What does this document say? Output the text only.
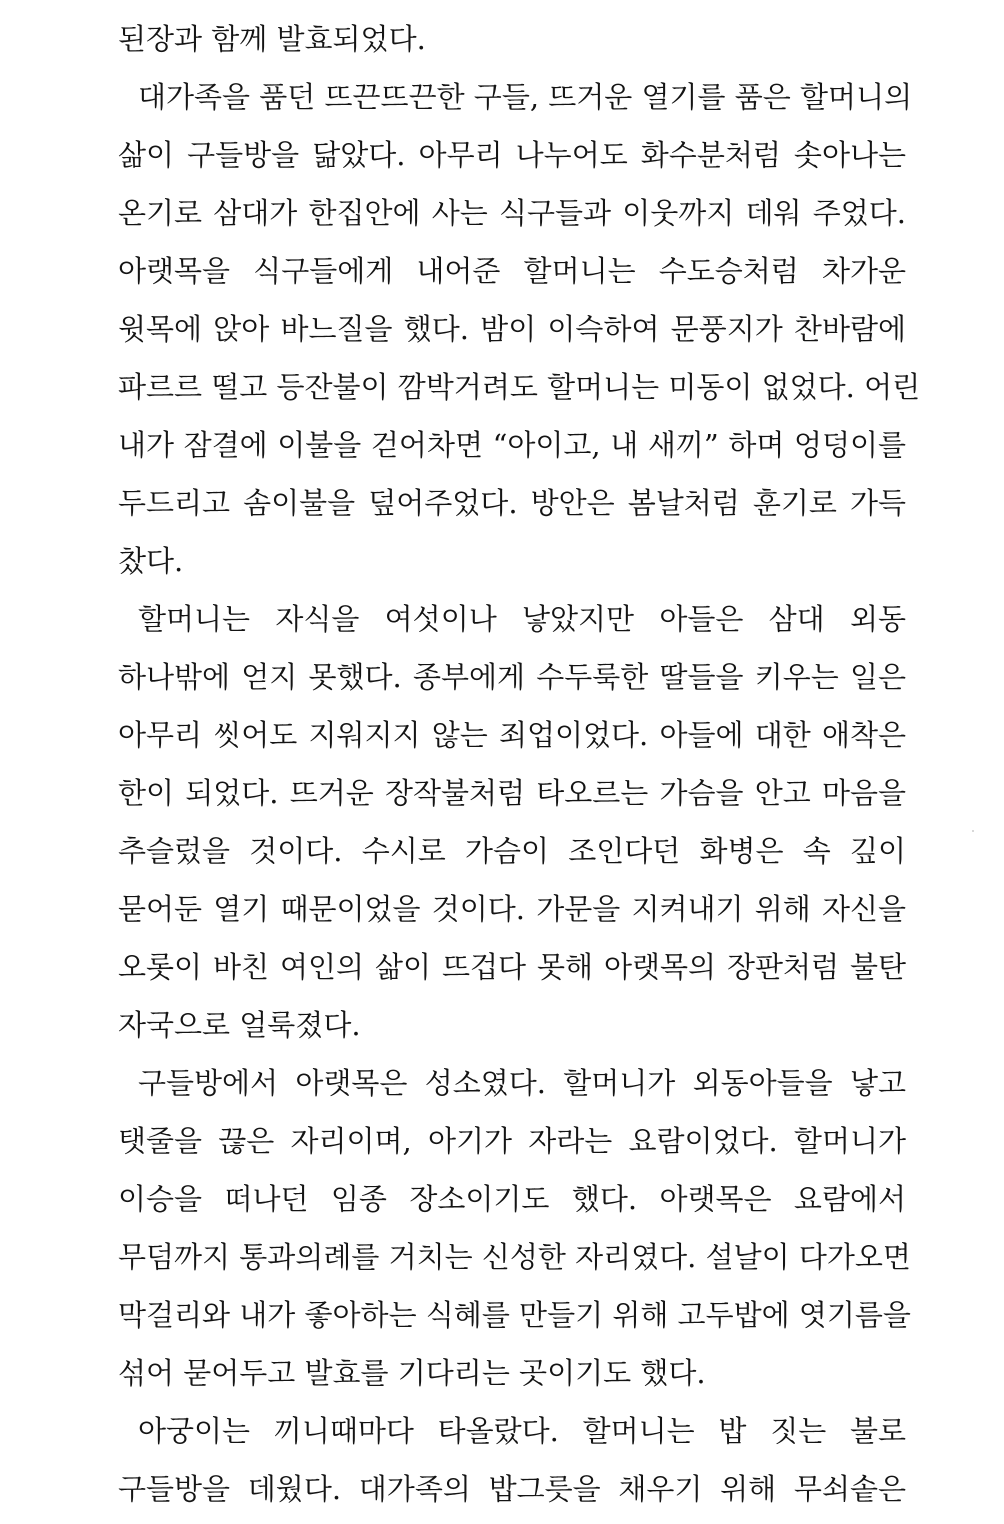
된장과 함께 발효되었다.
대가족을 품던 뜨끈뜨끈한 구들, 뜨거운 열기를 품은 할머니의
삶이 구들방을 닮았다. 아무리 나누어도 화수분처럼 솟아나는
온기로 삼대가 한집안에 사는 식구들과 이웃까지 데워 주었다.
아랫목을 식구들에게 내어준 할머니는 수도승처럼 차가운
윗목에 앉아 바느질을 했다. 밤이 이슥하여 문풍지가 찬바람에
파르르 떨고 등잔불이 깜박거려도 할머니는 미동이 없었다. 어린
내가 잠결에 이불을 걷어차면 “아이고, 내 새끼” 하며 엉덩이를
두드리고 솜이불을 덮어주었다. 방안은 봄날처럼 훈기로 가득
찼다.
할머니는 자식을 여섯이나 낳았지만 아들은 삼대 외동
하나밖에 얻지 못했다. 종부에게 수두룩한 딸들을 키우는 일은
아무리 씻어도 지워지지 않는 죄업이었다. 아들에 대한 애착은
한이 되었다. 뜨거운 장작불처럼 타오르는 가슴을 안고 마음을
추슬렀을 것이다. 수시로 가슴이 조인다던 화병은 속 깊이
묻어둔 열기 때문이었을 것이다. 가문을 지켜내기 위해 자신을
오롯이 바친 여인의 삶이 뜨겁다 못해 아랫목의 장판처럼 불탄
자국으로 얼룩졌다.
구들방에서 아랫목은 성소였다. 할머니가 외동아들을 낳고
탯줄을 끊은 자리이며, 아기가 자라는 요람이었다. 할머니가
이승을 떠나던 임종 장소이기도 했다. 아랫목은 요람에서
무덤까지 통과의례를 거치는 신성한 자리였다. 설날이 다가오면
막걸리와 내가 좋아하는 식혜를 만들기 위해 고두밥에 엿기름을
섞어 묻어두고 발효를 기다리는 곳이기도 했다.
아궁이는 끼니때마다 타올랐다. 할머니는 밥 짓는 불로
구들방을 데웠다. 대가족의 밥그릇을 채우기 위해 무쇠솥은
